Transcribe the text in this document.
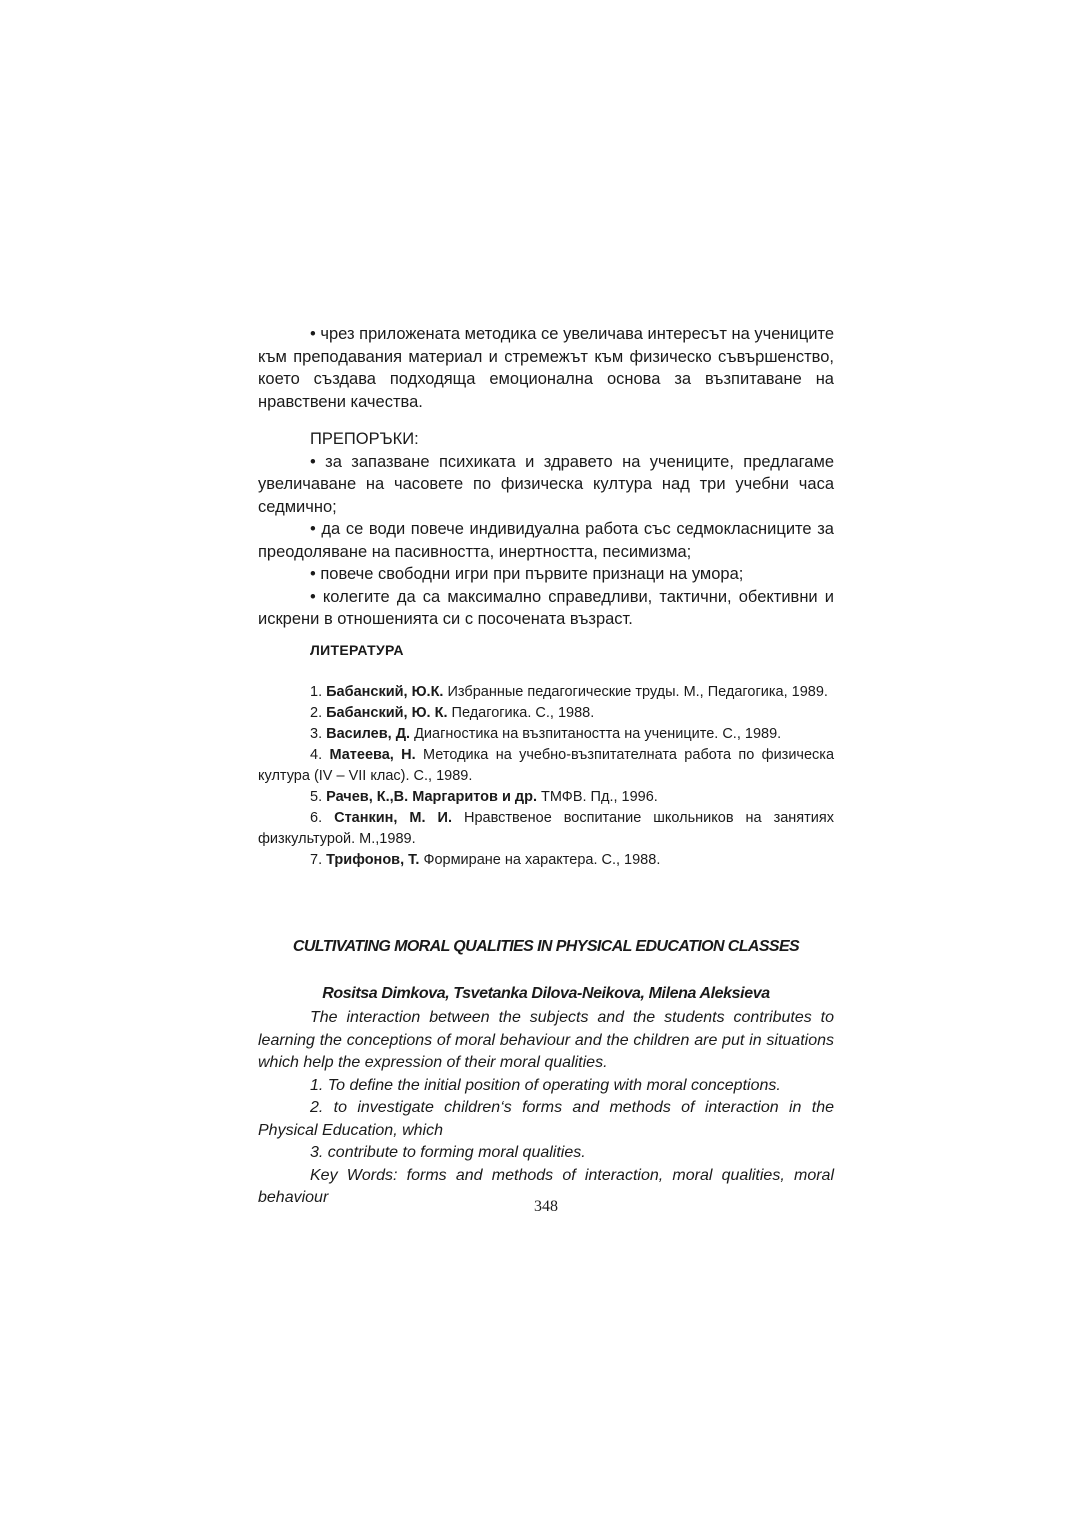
• чрез приложената методика се увеличава интересът на учениците към преподавания материал и стремежът към физическо съвършенство, което създава подходяща емоционална основа за възпитаване на нравствени качества.

ПРЕПОРЪКИ:

• за запазване психиката и здравето на учениците, предлагаме увеличаване на часовете по физическа култура над три учебни часа седмично;

• да се води повече индивидуална работа със седмокласниците за преодоляване на пасивността, инертността, песимизма;

• повече свободни игри при първите признаци на умора;

• колегите да са максимално справедливи, тактични, обективни и искрени в отношенията си с посочената възраст.

ЛИТЕРАТУРА

1. Бабанский, Ю.К. Избранные педагогические труды. М., Педагогика, 1989.

2. Бабанский, Ю. К. Педагогика. С., 1988.

3. Василев, Д. Диагностика на възпитаността на учениците. С., 1989.

4. Матеева, Н. Методика на учебно-възпитателната работа по физическа култура (IV – VII клас). С., 1989.

5. Рачев, К.,В. Маргаритов и др. ТМФВ. Пд., 1996.

6. Станкин, М. И. Нравственое воспитание школьников на занятиях физкультурой. М.,1989.

7. Трифонов, Т. Формиране на характера. С., 1988.

CULTIVATING MORAL QUALITIES IN PHYSICAL EDUCATION CLASSES
Rositsa Dimkova, Tsvetanka Dilova-Neikova, Milena Aleksieva

The interaction between the subjects and the students contributes to learning the conceptions of moral behaviour and the children are put in situations which help the expression of their moral qualities.

1. To define the initial position of operating with moral conceptions.

2. to investigate children‘s forms and methods of interaction in the Physical Education, which

3. contribute to forming moral qualities.

Key Words: forms and methods of interaction, moral qualities, moral behaviour

348
